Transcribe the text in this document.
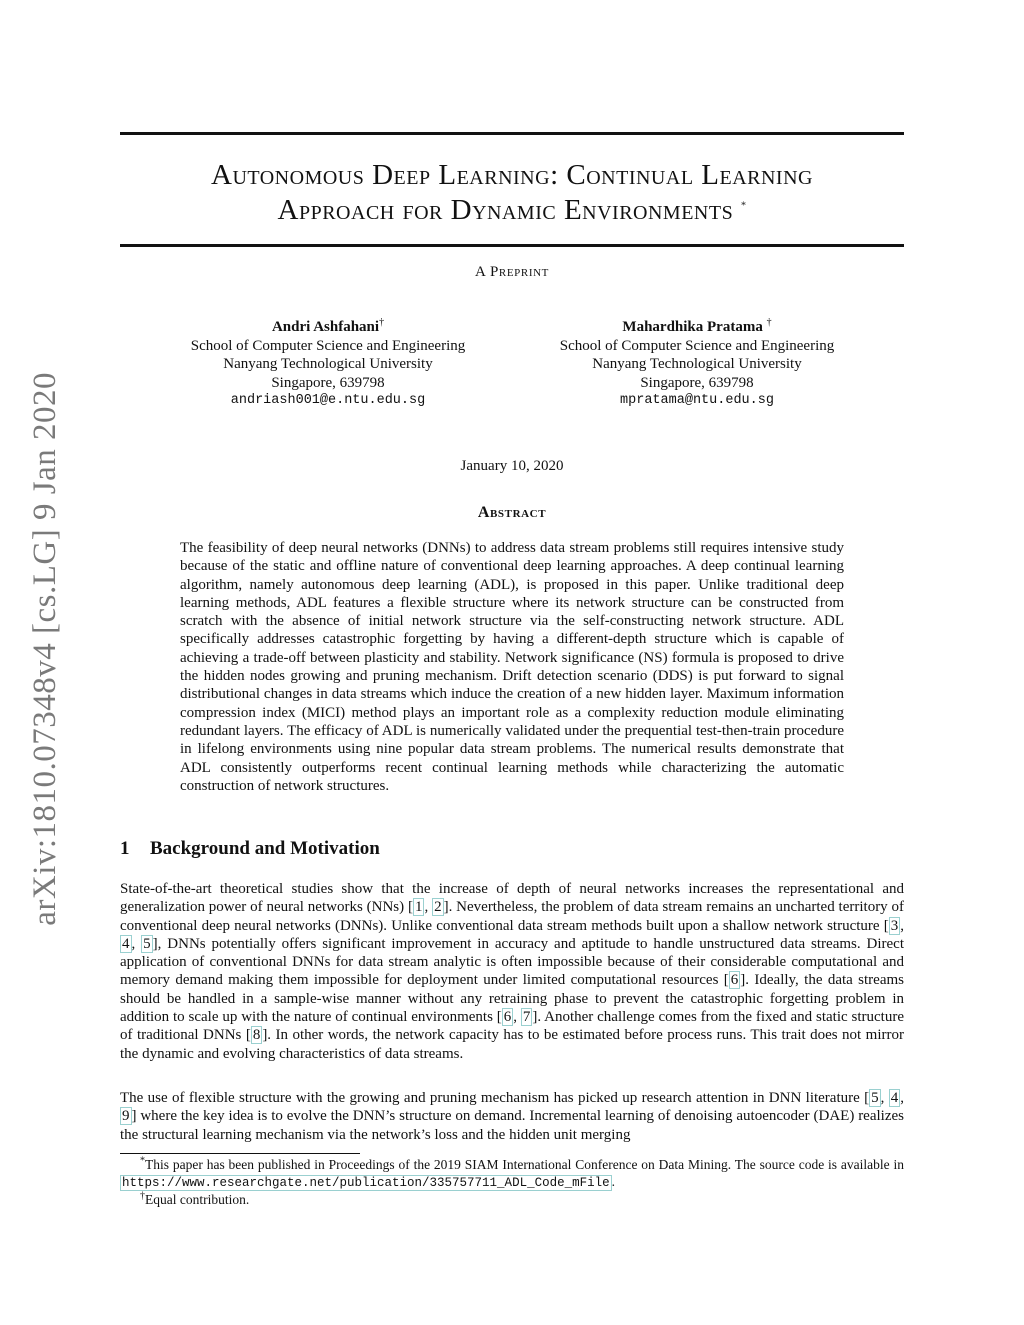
arXiv:1810.07348v4 [cs.LG] 9 Jan 2020
Autonomous Deep Learning: Continual Learning
Approach for Dynamic Environments *
A Preprint
Andri Ashfahani†
School of Computer Science and Engineering
Nanyang Technological University
Singapore, 639798
andriash001@e.ntu.edu.sg
Mahardhika Pratama †
School of Computer Science and Engineering
Nanyang Technological University
Singapore, 639798
mpratama@ntu.edu.sg
January 10, 2020
Abstract
The feasibility of deep neural networks (DNNs) to address data stream problems still requires intensive study because of the static and offline nature of conventional deep learning approaches. A deep continual learning algorithm, namely autonomous deep learning (ADL), is proposed in this paper. Unlike traditional deep learning methods, ADL features a flexible structure where its network structure can be constructed from scratch with the absence of initial network structure via the self-constructing network structure. ADL specifically addresses catastrophic forgetting by having a different-depth structure which is capable of achieving a trade-off between plasticity and stability. Network significance (NS) formula is proposed to drive the hidden nodes growing and pruning mechanism. Drift detection scenario (DDS) is put forward to signal distributional changes in data streams which induce the creation of a new hidden layer. Maximum information compression index (MICI) method plays an important role as a complexity reduction module eliminating redundant layers. The efficacy of ADL is numerically validated under the prequential test-then-train procedure in lifelong environments using nine popular data stream problems. The numerical results demonstrate that ADL consistently outperforms recent continual learning methods while characterizing the automatic construction of network structures.
1 Background and Motivation

State-of-the-art theoretical studies show that the increase of depth of neural networks increases the representational and generalization power of neural networks (NNs) [ 1 , 2 ]. Nevertheless, the problem of data stream remains an uncharted territory of conventional deep neural networks (DNNs). Unlike conventional data stream methods built upon a shallow network structure [ 3 , 4 , 5 ], DNNs potentially offers significant improvement in accuracy and aptitude to handle unstructured data streams. Direct application of conventional DNNs for data stream analytic is often impossible because of their considerable computational and memory demand making them impossible for deployment under limited computational resources [ 6 ]. Ideally, the data streams should be handled in a sample-wise manner without any retraining phase to prevent the catastrophic forgetting problem in addition to scale up with the nature of continual environments [ 6 , 7 ]. Another challenge comes from the fixed and static structure of traditional DNNs [ 8 ]. In other words, the network capacity has to be estimated before process runs. This trait does not mirror the dynamic and evolving characteristics of data streams.

The use of flexible structure with the growing and pruning mechanism has picked up research attention in DNN literature [ 5 , 4 , 9 ] where the key idea is to evolve the DNN’s structure on demand. Incremental learning of denoising autoencoder (DAE) realizes the structural learning mechanism via the network’s loss and the hidden unit merging

*This paper has been published in Proceedings of the 2019 SIAM International Conference on Data Mining. The source code is available in https://www.researchgate.net/publication/335757711_ADL_Code_mFile .

†Equal contribution.
